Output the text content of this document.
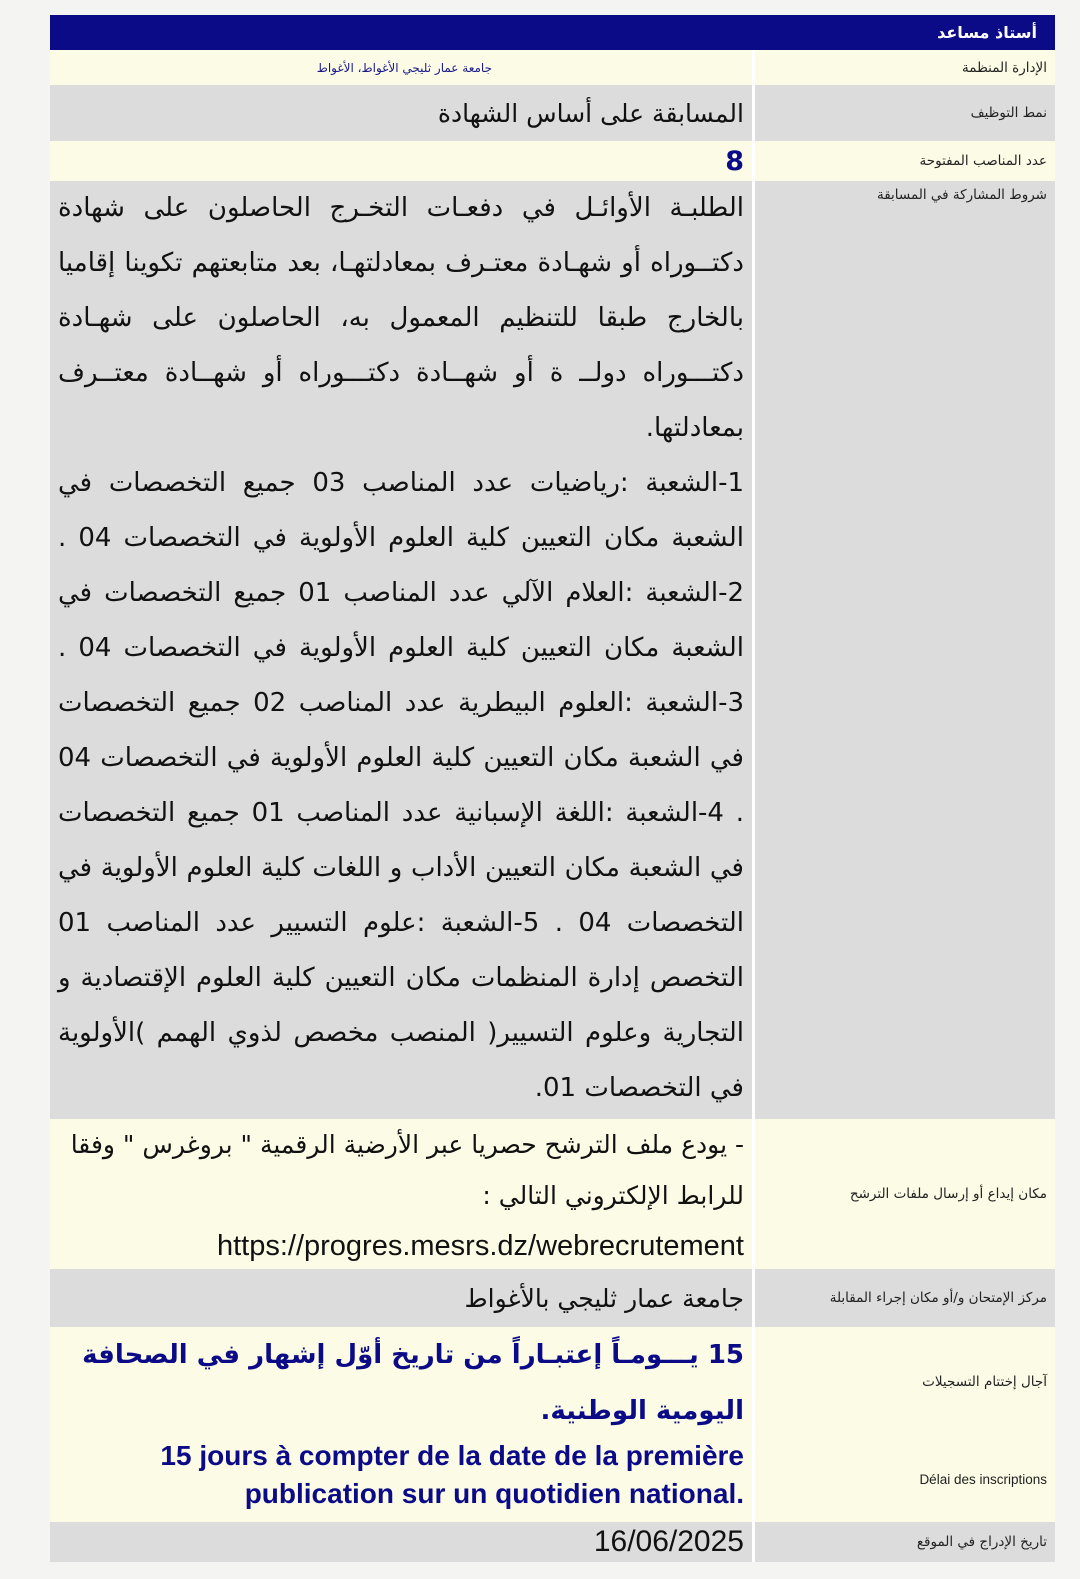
أستاذ مساعد
الإدارة المنظمة
جامعة عمار ثليجي الأغواط، الأغواط
نمط التوظيف
المسابقة على أساس الشهادة
عدد المناصب المفتوحة
8
شروط المشاركة في المسابقة

الطلبـة الأوائـل في دفعـات التخـرج الحاصلون على شهادة دكتــوراه أو شهـادة معتـرف بمعادلتهـا، بعد متابعتهم تكوينا إقاميا بالخارج طبقا للتنظيم المعمول به، الحاصلون على شهـادة دكتـــوراه دولــ ة أو شهــادة دكتـــوراه أو شهــادة معتــرف بمعادلتها.

1-الشعبة :رياضيات عدد المناصب 03 جميع التخصصات في الشعبة مكان التعيين كلية العلوم الأولوية في التخصصات 04 . 2-الشعبة :العلام الآلي عدد المناصب 01 جميع التخصصات في الشعبة مكان التعيين كلية العلوم الأولوية في التخصصات 04 . 3-الشعبة :العلوم البيطرية عدد المناصب 02 جميع التخصصات في الشعبة مكان التعيين كلية العلوم الأولوية في التخصصات 04 . 4-الشعبة :اللغة الإسبانية عدد المناصب 01 جميع التخصصات في الشعبة مكان التعيين الأداب و اللغات كلية العلوم الأولوية في التخصصات 04 . 5-الشعبة :علوم التسيير عدد المناصب 01 التخصص إدارة المنظمات مكان التعيين كلية العلوم الإقتصادية و التجارية وعلوم التسيير( المنصب مخصص لذوي الهمم )الأولوية في التخصصات 01.

مكان إيداع أو إرسال ملفات الترشح
- يودع ملف الترشح حصريا عبر الأرضية الرقمية " بروغرس " وفقا للرابط الإلكتروني التالي :
https://progres.mesrs.dz/webrecrutement
مركز الإمتحان و/أو مكان إجراء المقابلة
جامعة عمار ثليجي بالأغواط
آجال إختتام التسجيلات
15 يـــومـاً إعتبـاراً من تاريخ أوّل إشهار في الصحافة اليومية الوطنية.
Délai des inscriptions
15 jours à compter de la date de la première publication sur un quotidien national.
تاريخ الإدراج في الموقع
16/06/2025
